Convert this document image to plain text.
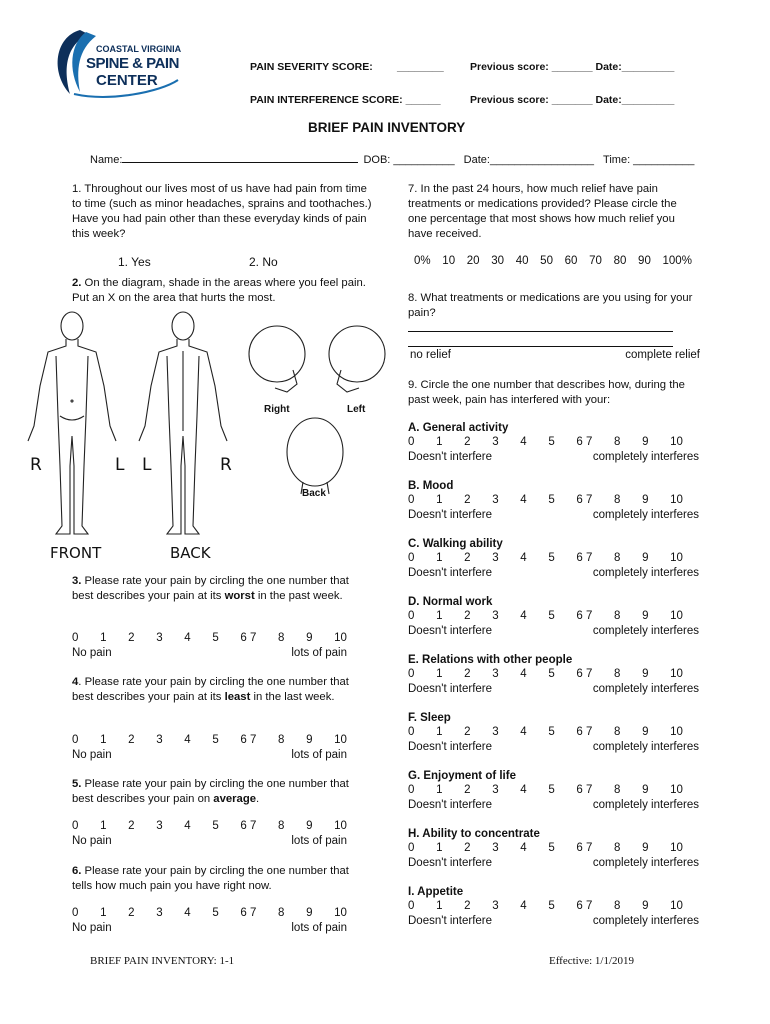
COASTAL VIRGINIA
SPINE & PAIN
CENTER
PAIN SEVERITY SCORE: ________	Previous score: _______ Date:_________
PAIN INTERFERENCE SCORE: ______	Previous score: _______ Date:_________
BRIEF PAIN INVENTORY
Name:	DOB: __________ Date:_________________ Time: __________
1. Throughout our lives most of us have had pain from time to time (such as minor headaches, sprains and toothaches.) Have you had pain other than these everyday kinds of pain this week?
1. Yes	2. No
2. On the diagram, shade in the areas where you feel pain. Put an X on the area that hurts the most.
R	L L	R
FRONT	BACK
Right	Left
Back
3. Please rate your pain by circling the one number that best describes your pain at its worst in the past week.
0 1 2 3 4 5 6 7 8 9 10
No pain	lots of pain
4. Please rate your pain by circling the one number that best describes your pain at its least in the last week.
0 1 2 3 4 5 6 7 8 9 10
No pain	lots of pain
5. Please rate your pain by circling the one number that best describes your pain on average.
0 1 2 3 4 5 6 7 8 9 10
No pain	lots of pain
6. Please rate your pain by circling the one number that tells how much pain you have right now.
0 1 2 3 4 5 6 7 8 9 10
No pain	lots of pain
7. In the past 24 hours, how much relief have pain treatments or medications provided? Please circle the one percentage that most shows how much relief you have received.
0% 10 20 30 40 50 60 70 80 90 100%
8. What treatments or medications are you using for your pain?
no relief	complete relief
9. Circle the one number that describes how, during the past week, pain has interfered with your:
A. General activity
0 1 2 3 4 5 6 7 8 9 10
Doesn't interfere	completely interferes
B. Mood
0 1 2 3 4 5 6 7 8 9 10
Doesn't interfere	completely interferes
C. Walking ability
0 1 2 3 4 5 6 7 8 9 10
Doesn't interfere	completely interferes
D. Normal work
0 1 2 3 4 5 6 7 8 9 10
Doesn't interfere	completely interferes
E. Relations with other people
0 1 2 3 4 5 6 7 8 9 10
Doesn't interfere	completely interferes
F. Sleep
0 1 2 3 4 5 6 7 8 9 10
Doesn't interfere	completely interferes
G. Enjoyment of life
0 1 2 3 4 5 6 7 8 9 10
Doesn't interfere	completely interferes
H. Ability to concentrate
0 1 2 3 4 5 6 7 8 9 10
Doesn't interfere	completely interferes
I. Appetite
0 1 2 3 4 5 6 7 8 9 10
Doesn't interfere	completely interferes
BRIEF PAIN INVENTORY: 1-1	Effective: 1/1/2019
